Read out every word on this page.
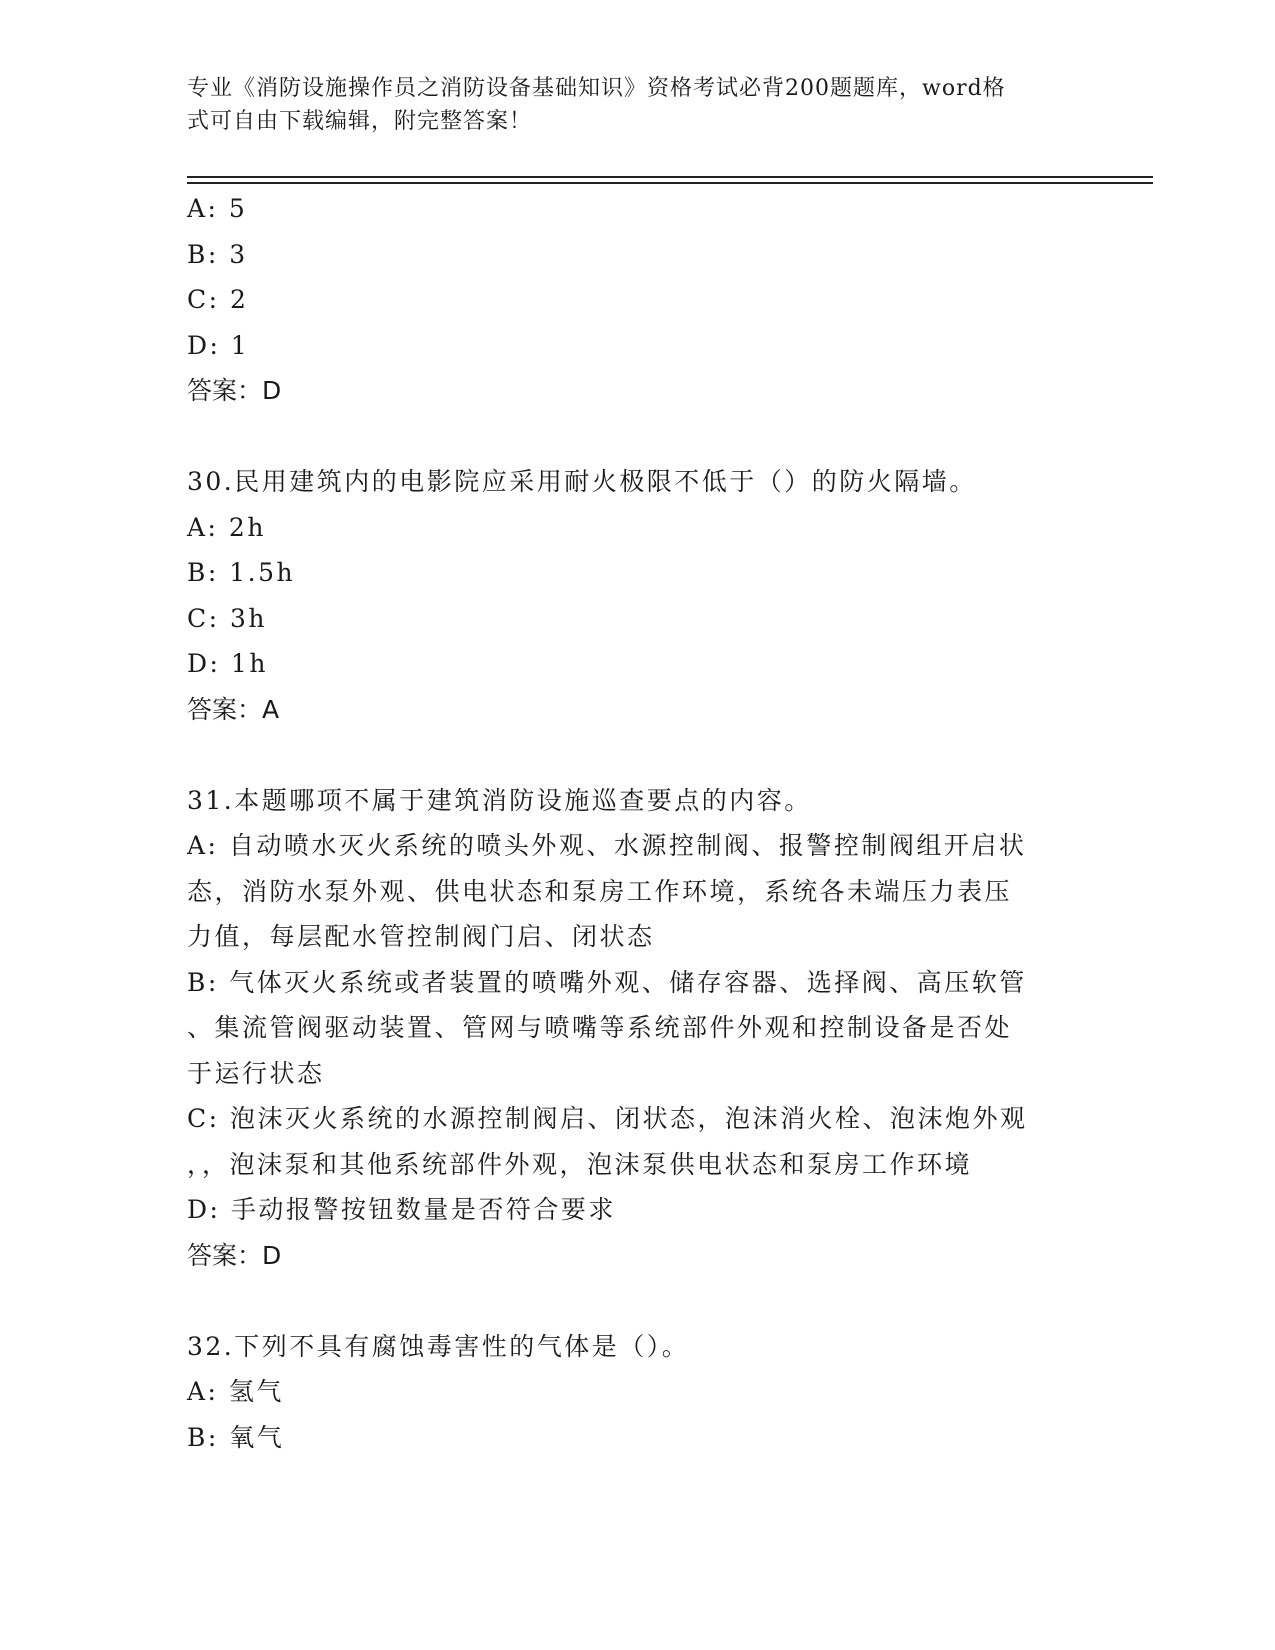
专业《消防设施操作员之消防设备基础知识》资格考试必背200题题库，word格
式可自由下载编辑，附完整答案！
A: 5
B: 3
C: 2
D: 1
答案：D
30.民用建筑内的电影院应采用耐火极限不低于（）的防火隔墙。
A: 2h
B: 1.5h
C: 3h
D: 1h
答案：A
31.本题哪项不属于建筑消防设施巡查要点的内容。
A: 自动喷水灭火系统的喷头外观、水源控制阀、报警控制阀组开启状
态，消防水泵外观、供电状态和泵房工作环境，系统各未端压力表压
力值，每层配水管控制阀门启、闭状态
B: 气体灭火系统或者装置的喷嘴外观、储存容器、选择阀、高压软管
、集流管阀驱动装置、管网与喷嘴等系统部件外观和控制设备是否处
于运行状态
C: 泡沫灭火系统的水源控制阀启、闭状态，泡沫消火栓、泡沫炮外观
，，泡沫泵和其他系统部件外观，泡沫泵供电状态和泵房工作环境
D: 手动报警按钮数量是否符合要求
答案：D
32.下列不具有腐蚀毒害性的气体是（）。
A: 氢气
B: 氧气
